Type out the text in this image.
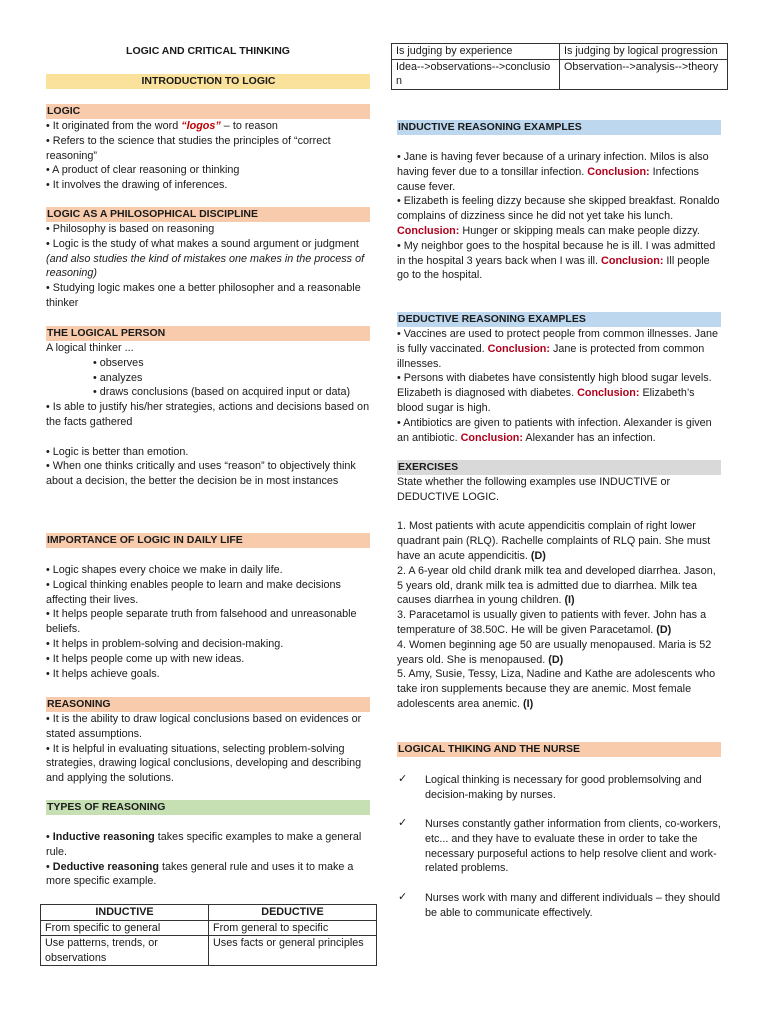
LOGIC AND CRITICAL THINKING
INTRODUCTION TO LOGIC
LOGIC
• It originated from the word “logos” – to reason
• Refers to the science that studies the principles of “correct reasoning”
• A product of clear reasoning or thinking
• It involves the drawing of inferences.
LOGIC AS A PHILOSOPHICAL DISCIPLINE
• Philosophy is based on reasoning
• Logic is the study of what makes a sound argument or judgment (and also studies the kind of mistakes one makes in the process of reasoning)
• Studying logic makes one a better philosopher and a reasonable thinker
THE LOGICAL PERSON
A logical thinker ...
• observes
• analyzes
• draws conclusions (based on acquired input or data)
• Is able to justify his/her strategies, actions and decisions based on the facts gathered
• Logic is better than emotion.
• When one thinks critically and uses “reason” to objectively think about a decision, the better the decision be in most instances
IMPORTANCE OF LOGIC IN DAILY LIFE
• Logic shapes every choice we make in daily life.
• Logical thinking enables people to learn and make decisions affecting their lives.
• It helps people separate truth from falsehood and unreasonable beliefs.
• It helps in problem-solving and decision-making.
• It helps people come up with new ideas.
• It helps achieve goals.
REASONING
• It is the ability to draw logical conclusions based on evidences or stated assumptions.
• It is helpful in evaluating situations, selecting problem-solving strategies, drawing logical conclusions, developing and describing and applying the solutions.
TYPES OF REASONING
• Inductive reasoning takes specific examples to make a general rule.
• Deductive reasoning takes general rule and uses it to make a more specific example.
INDUCTIVE	DEDUCTIVE
From specific to general	From general to specific
Use patterns, trends, or observations	Uses facts or general principles
Is judging by experience	Is judging by logical progression
Idea-->observations-->conclusion	Observation-->analysis-->theory
INDUCTIVE REASONING EXAMPLES
• Jane is having fever because of a urinary infection. Milos is also having fever due to a tonsillar infection. Conclusion: Infections cause fever.
• Elizabeth is feeling dizzy because she skipped breakfast. Ronaldo complains of dizziness since he did not yet take his lunch. Conclusion: Hunger or skipping meals can make people dizzy.
• My neighbor goes to the hospital because he is ill. I was admitted in the hospital 3 years back when I was ill. Conclusion: Ill people go to the hospital.
DEDUCTIVE REASONING EXAMPLES
• Vaccines are used to protect people from common illnesses. Jane is fully vaccinated. Conclusion: Jane is protected from common illnesses.
• Persons with diabetes have consistently high blood sugar levels. Elizabeth is diagnosed with diabetes. Conclusion: Elizabeth’s blood sugar is high.
• Antibiotics are given to patients with infection. Alexander is given an antibiotic. Conclusion: Alexander has an infection.
EXERCISES
State whether the following examples use INDUCTIVE or DEDUCTIVE LOGIC.
1. Most patients with acute appendicitis complain of right lower quadrant pain (RLQ). Rachelle complaints of RLQ pain. She must have an acute appendicitis. (D)
2. A 6-year old child drank milk tea and developed diarrhea. Jason, 5 years old, drank milk tea is admitted due to diarrhea. Milk tea causes diarrhea in young children. (I)
3. Paracetamol is usually given to patients with fever. John has a temperature of 38.50C. He will be given Paracetamol. (D)
4. Women beginning age 50 are usually menopaused. Maria is 52 years old. She is menopaused. (D)
5. Amy, Susie, Tessy, Liza, Nadine and Kathe are adolescents who take iron supplements because they are anemic. Most female adolescents area anemic. (I)
LOGICAL THIKING AND THE NURSE
✓ Logical thinking is necessary for good problemsolving and decision-making by nurses.
✓ Nurses constantly gather information from clients, co-workers, etc... and they have to evaluate these in order to take the necessary purposeful actions to help resolve client and work-related problems.
✓ Nurses work with many and different individuals – they should be able to communicate effectively.
